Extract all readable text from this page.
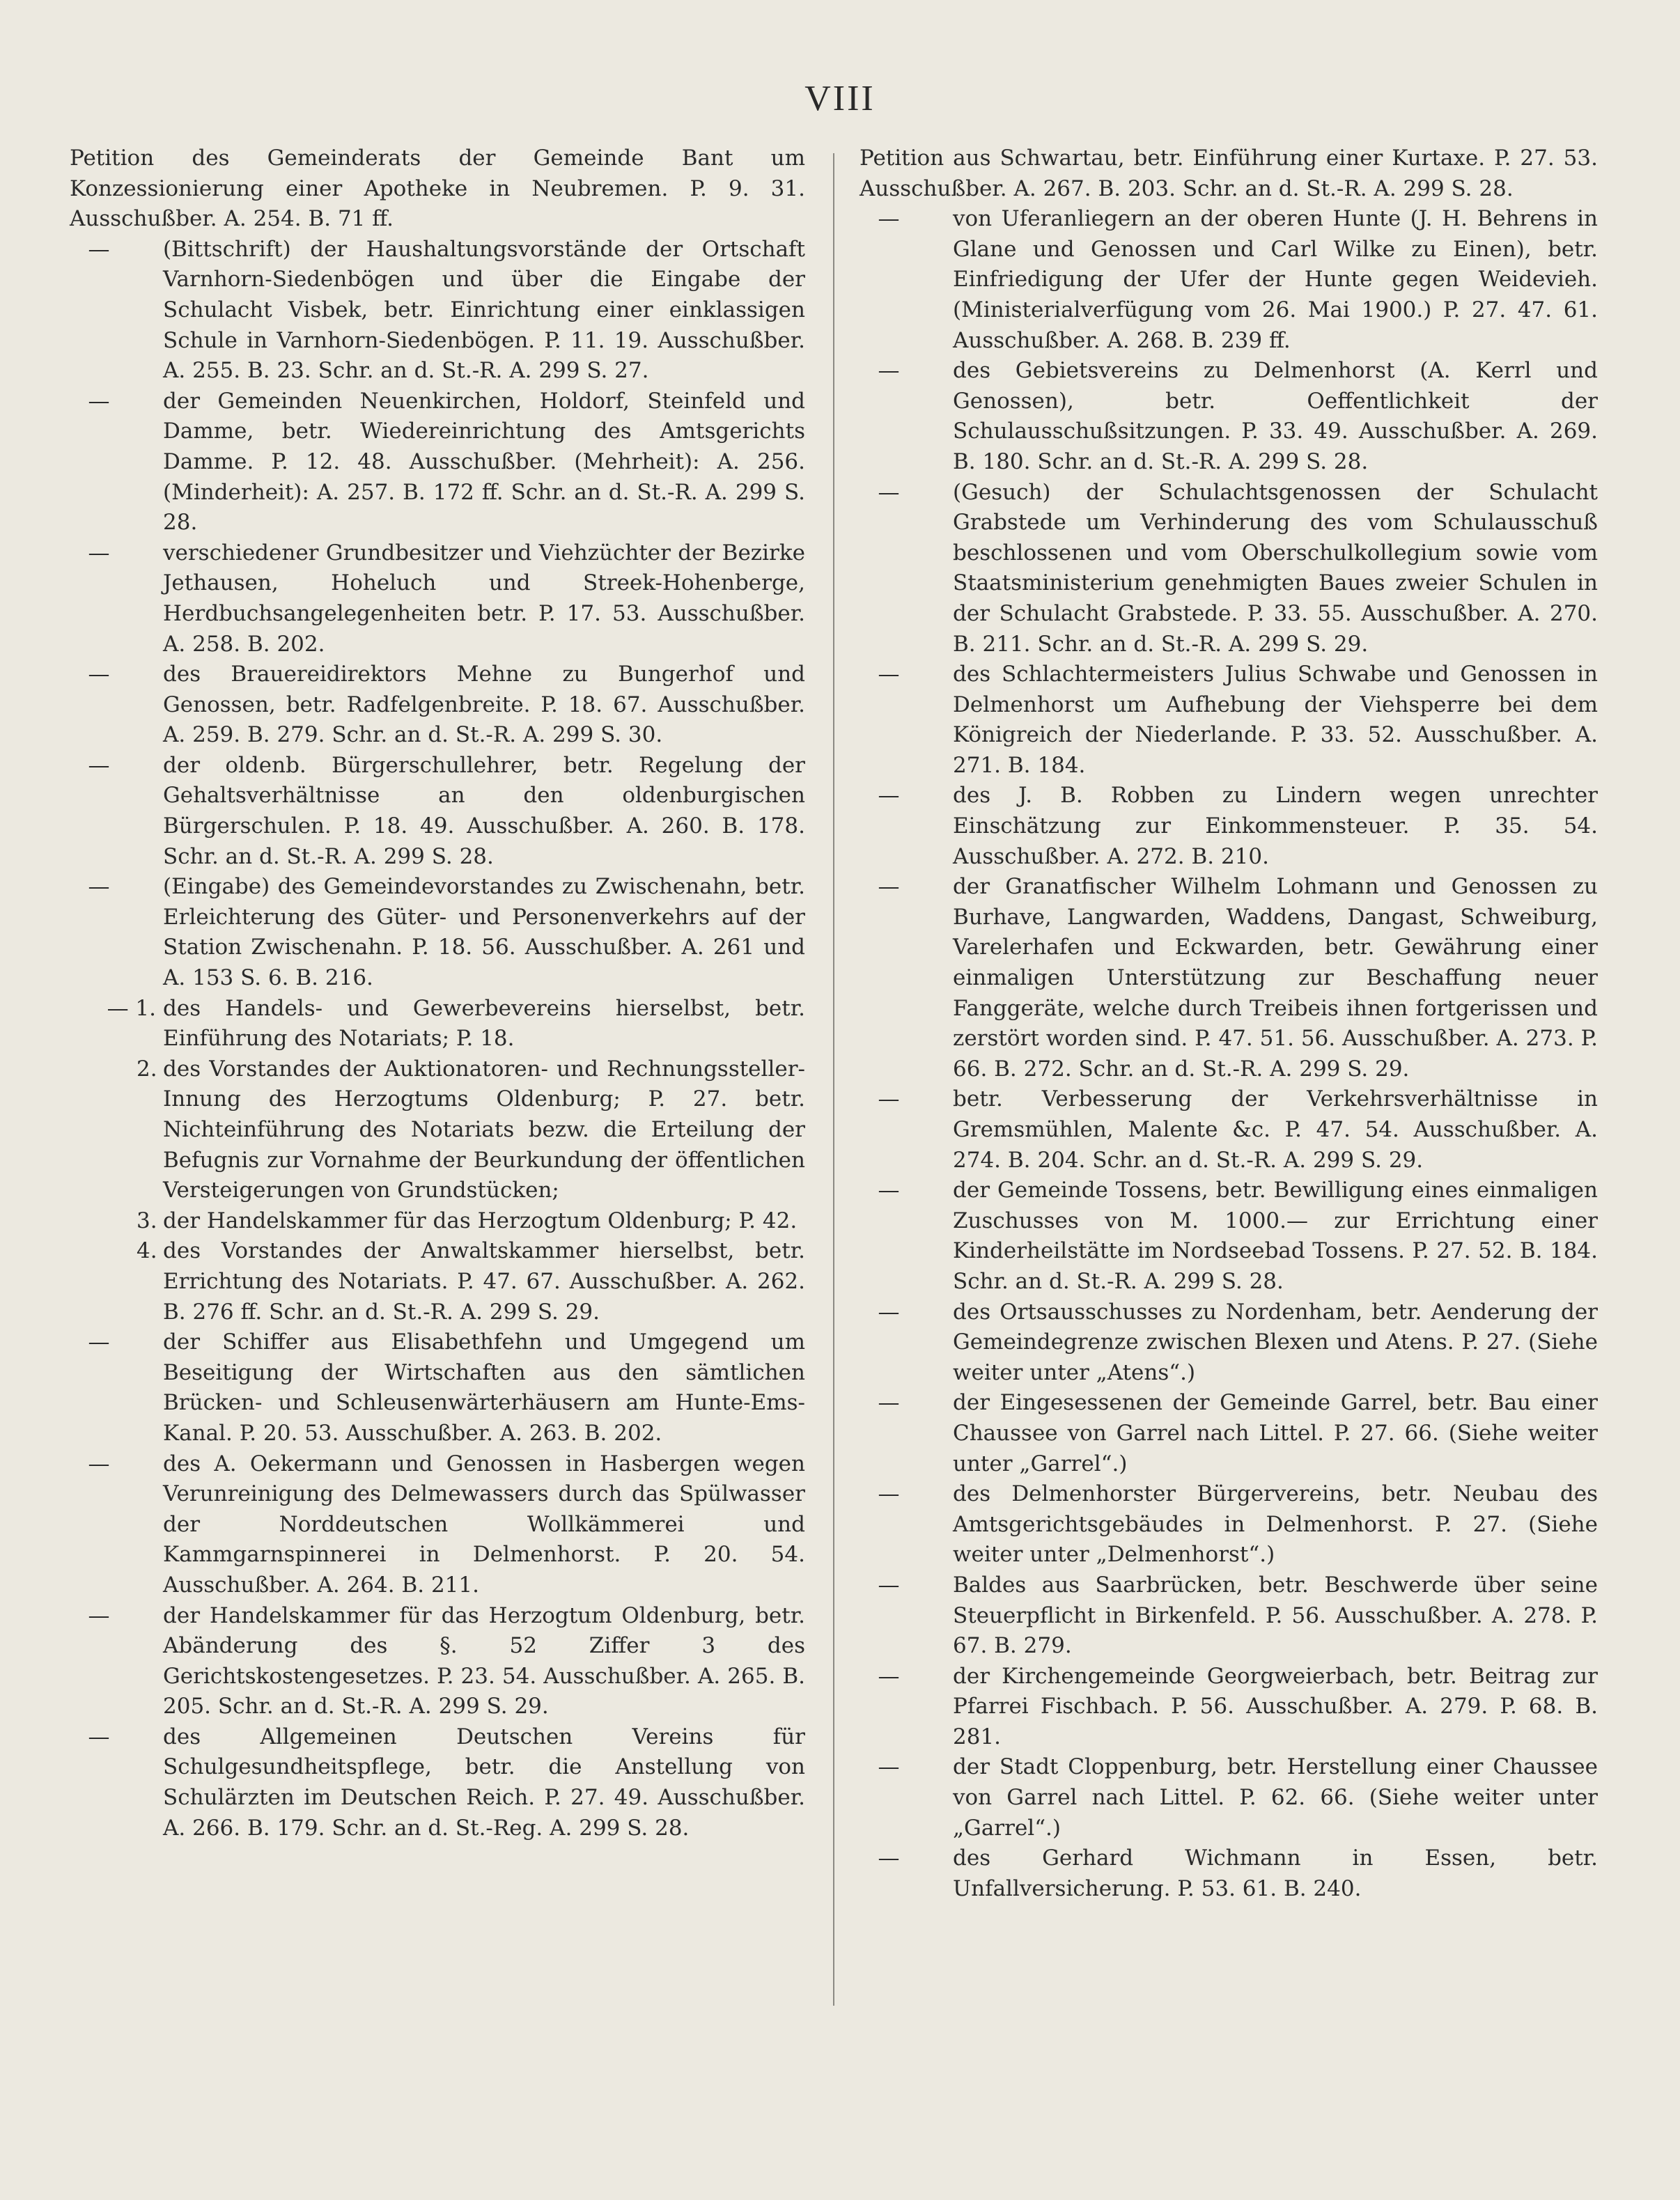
VIII
Petition des Gemeinderats der Gemeinde Bant um Konzessionierung einer Apotheke in Neubremen. P. 9. 31. Ausschußber. A. 254. B. 71 ff.
—	(Bittschrift) der Haushaltungsvorstände der Ortschaft Varnhorn-Siedenbögen und über die Eingabe der Schulacht Visbek, betr. Einrichtung einer einklassigen Schule in Varnhorn-Siedenbögen. P. 11. 19. Ausschußber. A. 255. B. 23. Schr. an d. St.-R. A. 299 S. 27.
—	der Gemeinden Neuenkirchen, Holdorf, Steinfeld und Damme, betr. Wiedereinrichtung des Amtsgerichts Damme. P. 12. 48. Ausschußber. (Mehrheit): A. 256. (Minderheit): A. 257. B. 172 ff. Schr. an d. St.-R. A. 299 S. 28.
—	verschiedener Grundbesitzer und Viehzüchter der Bezirke Jethausen, Hoheluch und Streek-Hohenberge, Herdbuchsangelegenheiten betr. P. 17. 53. Ausschußber. A. 258. B. 202.
—	des Brauereidirektors Mehne zu Bungerhof und Genossen, betr. Radfelgenbreite. P. 18. 67. Ausschußber. A. 259. B. 279. Schr. an d. St.-R. A. 299 S. 30.
—	der oldenb. Bürgerschullehrer, betr. Regelung der Gehaltsverhältnisse an den oldenburgischen Bürgerschulen. P. 18. 49. Ausschußber. A. 260. B. 178. Schr. an d. St.-R. A. 299 S. 28.
—	(Eingabe) des Gemeindevorstandes zu Zwischenahn, betr. Erleichterung des Güter- und Personenverkehrs auf der Station Zwischenahn. P. 18. 56. Ausschußber. A. 261 und A. 153 S. 6. B. 216.
— 1. des Handels- und Gewerbevereins hierselbst, betr. Einführung des Notariats; P. 18.
2. des Vorstandes der Auktionatoren- und Rechnungssteller-Innung des Herzogtums Oldenburg; P. 27. betr. Nichteinführung des Notariats bezw. die Erteilung der Befugnis zur Vornahme der Beurkundung der öffentlichen Versteigerungen von Grundstücken;
3. der Handelskammer für das Herzogtum Oldenburg; P. 42.
4. des Vorstandes der Anwaltskammer hierselbst, betr. Errichtung des Notariats. P. 47. 67. Ausschußber. A. 262. B. 276 ff. Schr. an d. St.-R. A. 299 S. 29.
—	der Schiffer aus Elisabethfehn und Umgegend um Beseitigung der Wirtschaften aus den sämtlichen Brücken- und Schleusenwärterhäusern am Hunte-Ems-Kanal. P. 20. 53. Ausschußber. A. 263. B. 202.
—	des A. Oekermann und Genossen in Hasbergen wegen Verunreinigung des Delmewassers durch das Spülwasser der Norddeutschen Wollkämmerei und Kammgarnspinnerei in Delmenhorst. P. 20. 54. Ausschußber. A. 264. B. 211.
—	der Handelskammer für das Herzogtum Oldenburg, betr. Abänderung des §. 52 Ziffer 3 des Gerichtskostengesetzes. P. 23. 54. Ausschußber. A. 265. B. 205. Schr. an d. St.-R. A. 299 S. 29.
—	des Allgemeinen Deutschen Vereins für Schulgesundheitspflege, betr. die Anstellung von Schulärzten im Deutschen Reich. P. 27. 49. Ausschußber. A. 266. B. 179. Schr. an d. St.-Reg. A. 299 S. 28.
Petition aus Schwartau, betr. Einführung einer Kurtaxe. P. 27. 53. Ausschußber. A. 267. B. 203. Schr. an d. St.-R. A. 299 S. 28.
—	von Uferanliegern an der oberen Hunte (J. H. Behrens in Glane und Genossen und Carl Wilke zu Einen), betr. Einfriedigung der Ufer der Hunte gegen Weidevieh. (Ministerialverfügung vom 26. Mai 1900.) P. 27. 47. 61. Ausschußber. A. 268. B. 239 ff.
—	des Gebietsvereins zu Delmenhorst (A. Kerrl und Genossen), betr. Oeffentlichkeit der Schulausschußsitzungen. P. 33. 49. Ausschußber. A. 269. B. 180. Schr. an d. St.-R. A. 299 S. 28.
—	(Gesuch) der Schulachtsgenossen der Schulacht Grabstede um Verhinderung des vom Schulausschuß beschlossenen und vom Oberschulkollegium sowie vom Staatsministerium genehmigten Baues zweier Schulen in der Schulacht Grabstede. P. 33. 55. Ausschußber. A. 270. B. 211. Schr. an d. St.-R. A. 299 S. 29.
—	des Schlachtermeisters Julius Schwabe und Genossen in Delmenhorst um Aufhebung der Viehsperre bei dem Königreich der Niederlande. P. 33. 52. Ausschußber. A. 271. B. 184.
—	des J. B. Robben zu Lindern wegen unrechter Einschätzung zur Einkommensteuer. P. 35. 54. Ausschußber. A. 272. B. 210.
—	der Granatfischer Wilhelm Lohmann und Genossen zu Burhave, Langwarden, Waddens, Dangast, Schweiburg, Varelerhafen und Eckwarden, betr. Gewährung einer einmaligen Unterstützung zur Beschaffung neuer Fanggeräte, welche durch Treibeis ihnen fortgerissen und zerstört worden sind. P. 47. 51. 56. Ausschußber. A. 273. P. 66. B. 272. Schr. an d. St.-R. A. 299 S. 29.
—	betr. Verbesserung der Verkehrsverhältnisse in Gremsmühlen, Malente &c. P. 47. 54. Ausschußber. A. 274. B. 204. Schr. an d. St.-R. A. 299 S. 29.
—	der Gemeinde Tossens, betr. Bewilligung eines einmaligen Zuschusses von M. 1000.— zur Errichtung einer Kinderheilstätte im Nordseebad Tossens. P. 27. 52. B. 184. Schr. an d. St.-R. A. 299 S. 28.
—	des Ortsausschusses zu Nordenham, betr. Aenderung der Gemeindegrenze zwischen Blexen und Atens. P. 27. (Siehe weiter unter „Atens“.)
—	der Eingesessenen der Gemeinde Garrel, betr. Bau einer Chaussee von Garrel nach Littel. P. 27. 66. (Siehe weiter unter „Garrel“.)
—	des Delmenhorster Bürgervereins, betr. Neubau des Amtsgerichtsgebäudes in Delmenhorst. P. 27. (Siehe weiter unter „Delmenhorst“.)
—	Baldes aus Saarbrücken, betr. Beschwerde über seine Steuerpflicht in Birkenfeld. P. 56. Ausschußber. A. 278. P. 67. B. 279.
—	der Kirchengemeinde Georgweierbach, betr. Beitrag zur Pfarrei Fischbach. P. 56. Ausschußber. A. 279. P. 68. B. 281.
—	der Stadt Cloppenburg, betr. Herstellung einer Chaussee von Garrel nach Littel. P. 62. 66. (Siehe weiter unter „Garrel“.)
—	des Gerhard Wichmann in Essen, betr. Unfallversicherung. P. 53. 61. B. 240.
